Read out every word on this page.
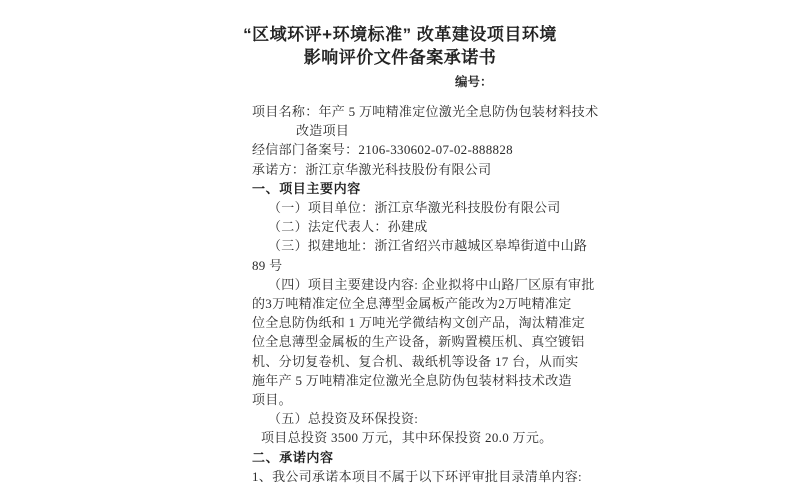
“区域环评+环境标准” 改革建设项目环境
影响评价文件备案承诺书
编号：
项目名称：年产 5 万吨精准定位激光全息防伪包装材料技术
改造项目
经信部门备案号：2106-330602-07-02-888828
承诺方：浙江京华激光科技股份有限公司
一、项目主要内容
（一）项目单位：浙江京华激光科技股份有限公司
（二）法定代表人：孙建成
（三）拟建地址：浙江省绍兴市越城区皋埠街道中山路
89 号
（四）项目主要建设内容: 企业拟将中山路厂区原有审批
的3万吨精准定位全息薄型金属板产能改为2万吨精准定
位全息防伪纸和 1 万吨光学微结构文创产品，淘汰精准定
位全息薄型金属板的生产设备，新购置模压机、真空镀铝
机、分切复卷机、复合机、裁纸机等设备 17 台，从而实
施年产 5 万吨精准定位激光全息防伪包装材料技术改造
项目。
（五）总投资及环保投资:
项目总投资 3500 万元，其中环保投资 20.0 万元。
二、承诺内容
1、我公司承诺本项目不属于以下环评审批目录清单内容:
